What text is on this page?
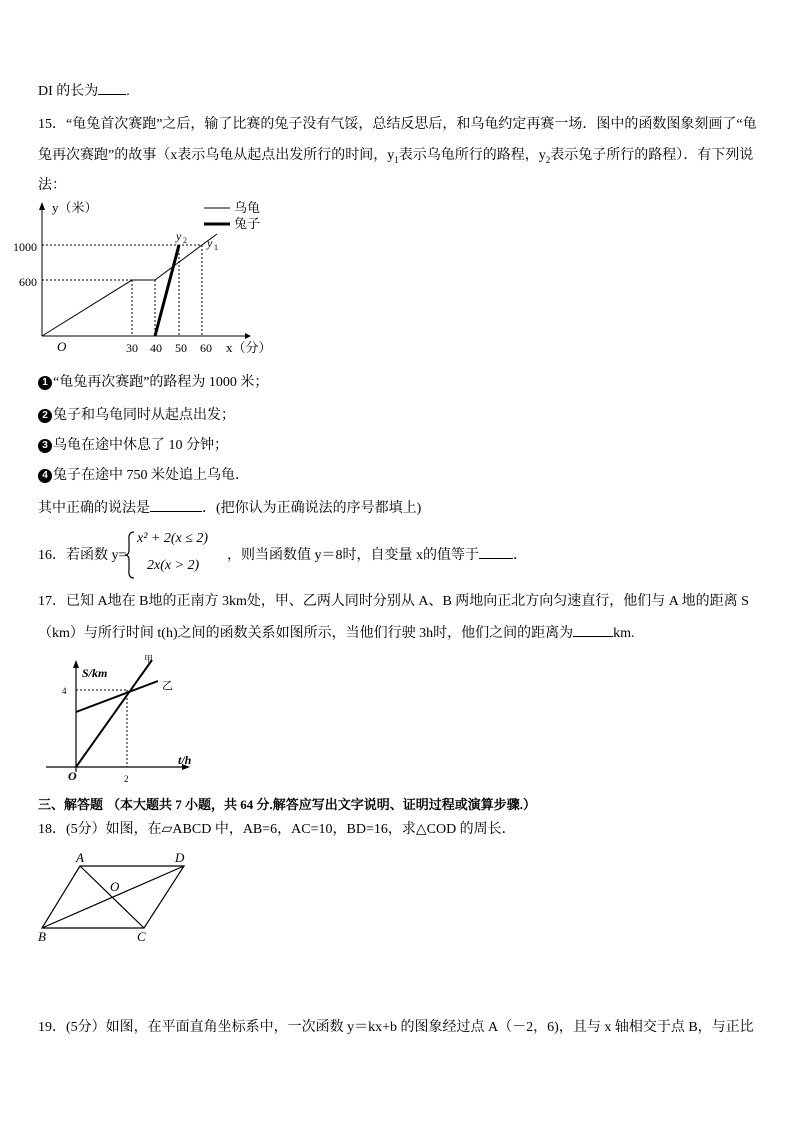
DI 的长为 .
15．“龟兔首次赛跑”之后，输了比赛的兔子没有气馁，总结反思后，和乌龟约定再赛一场．图中的函数图象刻画了“龟
兔再次赛跑”的故事（x表示乌龟从起点出发所行的时间，$y_1$表示乌龟所行的路程，$y_2$表示兔子所行的路程）．有下列说
法：
1000
600
30 40 50 60
O
y（米）
x（分）
y 2 y 1
乌龟
兔子
1 “龟兔再次赛跑”的路程为 1000 米；
2 兔子和乌龟同时从起点出发；
3 乌龟在途中休息了 10 分钟；
4 兔子在途中 750 米处追上乌龟．
其中正确的说法是	．(把你认为正确说法的序号都填上)
16．若函数 y=
x² + 2(x ≤ 2)
2x(x > 2)
，则当函数值 y＝8时，自变量 x的值等于 ．
17．已知 A地在 B地的正南方 3km处，甲、乙两人同时分别从 A、B 两地向正北方向匀速直行，他们与 A 地的距离 S
（km）与所行时间 t(h)之间的函数关系如图所示，当他们行驶 3h时，他们之间的距离为	km.
S/km
t/h
O
4
2
甲
乙
三、解答题 （本大题共 7 小题，共 64 分.解答应写出文字说明、证明过程或演算步骤.）
18．(5分）如图，在▱ABCD 中，AB=6，AC=10，BD=16，求△COD 的周长．
A	D
B	C
O
19．(5分）如图，在平面直角坐标系中，一次函数 y＝kx+b 的图象经过点 A（－2，6)，且与 x 轴相交于点 B，与正比
